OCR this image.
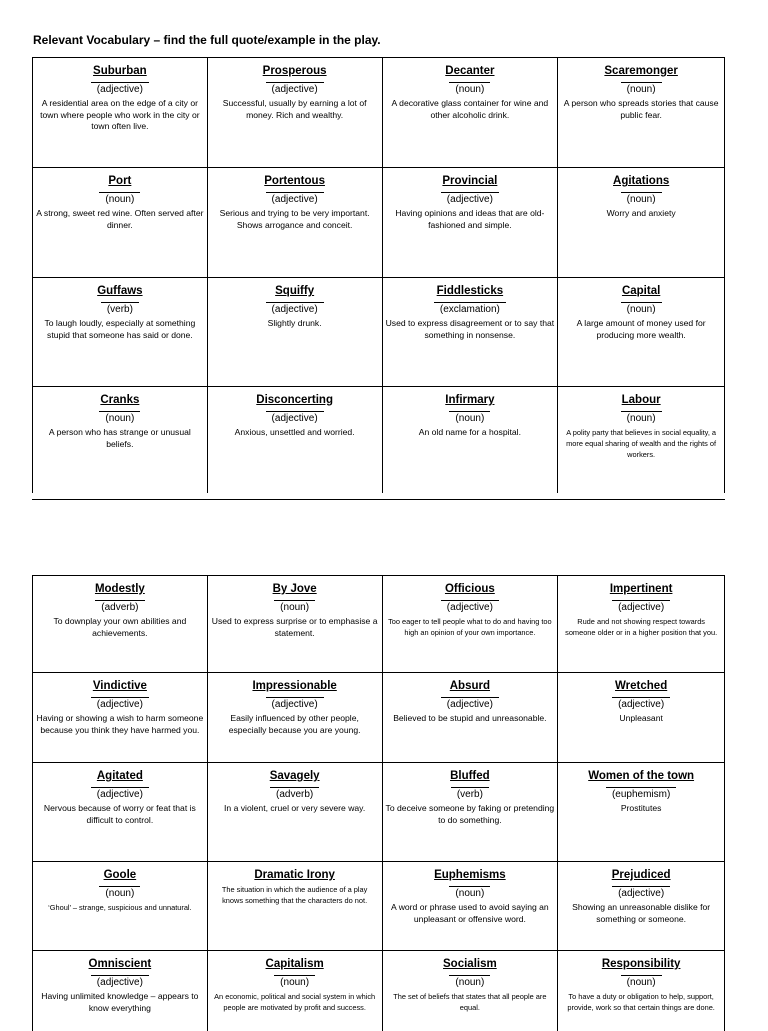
Relevant Vocabulary – find the full quote/example in the play.
Suburban
(adjective)
A residential area on the edge of a city or town where people who work in the city or town often live.
Prosperous
(adjective)
Successful, usually by earning a lot of money. Rich and wealthy.
Decanter
(noun)
A decorative glass container for wine and other alcoholic drink.
Scaremonger
(noun)
A person who spreads stories that cause public fear.
Port
(noun)
A strong, sweet red wine. Often served after dinner.
Portentous
(adjective)
Serious and trying to be very important. Shows arrogance and conceit.
Provincial
(adjective)
Having opinions and ideas that are old-fashioned and simple.
Agitations
(noun)
Worry and anxiety
Guffaws
(verb)
To laugh loudly, especially at something stupid that someone has said or done.
Squiffy
(adjective)
Slightly drunk.
Fiddlesticks
(exclamation)
Used to express disagreement or to say that something in nonsense.
Capital
(noun)
A large amount of money used for producing more wealth.
Cranks
(noun)
A person who has strange or unusual beliefs.
Disconcerting
(adjective)
Anxious, unsettled and worried.
Infirmary
(noun)
An old name for a hospital.
Labour
(noun)
A polity party that believes in social equality, a more equal sharing of wealth and the rights of workers.
Modestly
(adverb)
To downplay your own abilities and achievements.
By Jove
(noun)
Used to express surprise or to emphasise a statement.
Officious
(adjective)
Too eager to tell people what to do and having too high an opinion of your own importance.
Impertinent
(adjective)
Rude and not showing respect towards someone older or in a higher position that you.
Vindictive
(adjective)
Having or showing a wish to harm someone because you think they have harmed you.
Impressionable
(adjective)
Easily influenced by other people, especially because you are young.
Absurd
(adjective)
Believed to be stupid and unreasonable.
Wretched
(adjective)
Unpleasant
Agitated
(adjective)
Nervous because of worry or feat that is difficult to control.
Savagely
(adverb)
In a violent, cruel or very severe way.
Bluffed
(verb)
To deceive someone by faking or pretending to do something.
Women of the town
(euphemism)
Prostitutes
Goole
(noun)
‘Ghoul’ – strange, suspicious and unnatural.
Dramatic Irony
The situation in which the audience of a play knows something that the characters do not.
Euphemisms
(noun)
A word or phrase used to avoid saying an unpleasant or offensive word.
Prejudiced
(adjective)
Showing an unreasonable dislike for something or someone.
Omniscient
(adjective)
Having unlimited knowledge – appears to know everything
Capitalism
(noun)
An economic, political and social system in which people are motivated by profit and success.
Socialism
(noun)
The set of beliefs that states that all people are equal.
Responsibility
(noun)
To have a duty or obligation to help, support, provide, work so that certain things are done.
